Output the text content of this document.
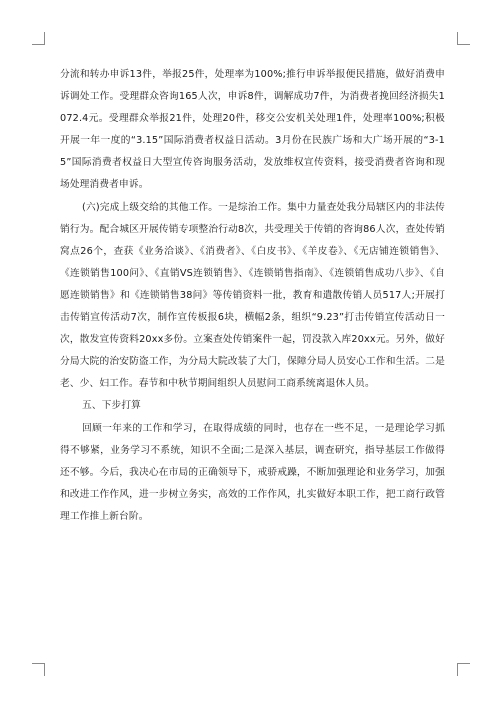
分流和转办申诉13件，举报25件，处理率为100%;推行申诉举报便民措施，做好消费申诉调处工作。受理群众咨询165人次，申诉8件，调解成功7件，为消费者挽回经济损失1072.4元。受理群众举报21件，处理20件，移交公安机关处理1件，处理率100%;积极开展一年一度的“3.15”国际消费者权益日活动。3月份在民族广场和大广场开展的“3-15”国际消费者权益日大型宣传咨询服务活动，发放维权宣传资料，接受消费者咨询和现场处理消费者申诉。

(六)完成上级交给的其他工作。一是综治工作。集中力量查处我分局辖区内的非法传销行为。配合城区开展传销专项整治行动8次，共受理关于传销的咨询86人次，查处传销窝点26个，查获《业务洽谈》、《消费者》、《白皮书》、《羊皮卷》、《无店铺连锁销售》、《连锁销售100问》、《直销VS连锁销售》、《连锁销售指南》、《连锁销售成功八步》、《自愿连锁销售》和《连锁销售38问》等传销资料一批，教育和遣散传销人员517人;开展打击传销宣传活动7次，制作宣传板报6块，横幅2条，组织“9.23”打击传销宣传活动日一次，散发宣传资料20xx多份。立案查处传销案件一起，罚没款入库20xx元。另外，做好分局大院的治安防盗工作，为分局大院改装了大门，保障分局人员安心工作和生活。二是老、少、妇工作。春节和中秋节期间组织人员慰问工商系统离退休人员。

五、下步打算

回顾一年来的工作和学习，在取得成绩的同时，也存在一些不足，一是理论学习抓得不够紧，业务学习不系统，知识不全面;二是深入基层，调查研究，指导基层工作做得还不够。今后，我决心在市局的正确领导下，戒骄戒躁，不断加强理论和业务学习，加强和改进工作作风，进一步树立务实，高效的工作作风，扎实做好本职工作，把工商行政管理工作推上新台阶。
